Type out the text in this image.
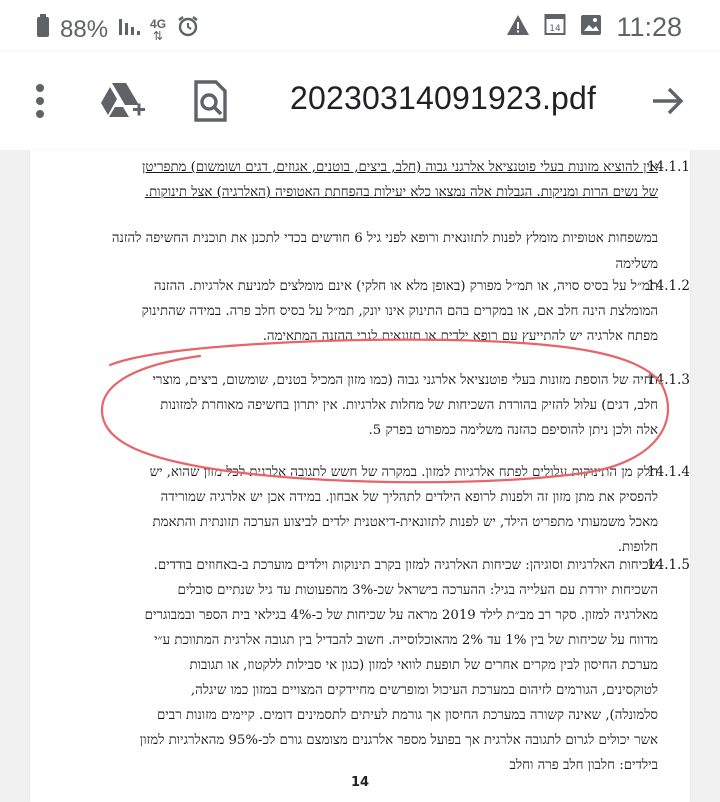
88%	4G
⇅	14 11:28
20230314091923.pdf
14.1.1
אין להוציא מזונות בעלי פוטנציאל אלרגני גבוה (חלב, ביצים, בוטנים, אגוזים, דגים ושומשום) מתפריטן של נשים הרות ומניקות. הגבלות אלה נמצאו כלא יעילות בהפחתת האטופיה (האלרגיה) אצל תינוקות.
במשפחות אטופיות מומלץ לפנות לתזונאית ורופא לפני גיל 6 חודשים בכדי לתכנן את תוכנית החשיפה להזנה משלימה
14.1.2
תמ״ל על בסיס סויה, או תמ״ל מפורק (באופן מלא או חלקי) אינם מומלצים למניעת אלרגיות. ההזנה המומלצת הינה חלב אם, או במקרים בהם התינוק אינו יונק, תמ״ל על בסיס חלב פרה. במידה שהתינוק מפתח אלרגיה יש להתייעץ עם רופא ילדים או תזונאית לגבי ההזנה המתאימה.
14.1.3
דחיה של הוספת מזונות בעלי פוטנציאל אלרגני גבוה (כמו מזון המכיל בטנים, שומשום, ביצים, מוצרי חלב, דגים) עלול להזיק בהורדת השכיחות של מחלות אלרגיות. אין יתרון בחשיפה מאוחרת למזונות אלה ולכן ניתן להוסיפם כהזנה משלימה כמפורט בפרק 5.
14.1.4
חלק מן התינוקות עלולים לפתח אלרגיות למזון. במקרה של חשש לתגובה אלרגית לכל מזון שהוא, יש להפסיק את מתן מזון זה ולפנות לרופא הילדים לתהליך של אבחון. במידה אכן יש אלרגיה שמורידה מאכל משמעותי מתפריט הילד, יש לפנות לתזונאית-דיאטנית ילדים לביצוע הערכה תזונתית והתאמת חלופות.
14.1.5
שכיחות האלרגיות וסוגיהן: שכיחות האלרגיה למזון בקרב תינוקות וילדים מוערכת ב-באחוזים בודדים. השכיחות יורדת עם העלייה בגיל: ההערכה בישראל שכ-3% מהפעוטות עד גיל שנתיים סובלים מאלרגיה למזון. סקר רב מב״ת לילד 2019 מראה על שכיחות של כ-4% בגילאי בית הספר ובמבוגרים מדווח על שכיחות של בין 1% עד 2% מהאוכלוסייה. חשוב להבדיל בין תגובה אלרגית המתווכת ע״י מערכת החיסון לבין מקרים אחרים של תופעת לוואי למזון (כגון אי סבילות ללקטוז, או תגובות לטוקסינים, הגורמים לזיהום במערכת העיכול ומופרשים מחיידקים המצויים במזון כמו שיגלה, סלמונלה), שאינה קשורה במערכת החיסון אך גורמת לעיתים לתסמינים דומים. קיימים מזונות רבים אשר יכולים לגרום לתגובה אלרגית אך בפועל מספר אלרגנים מצומצם גורם לכ-95% מהאלרגיות למזון בילדים: חלבון חלב פרה וחלב
14
